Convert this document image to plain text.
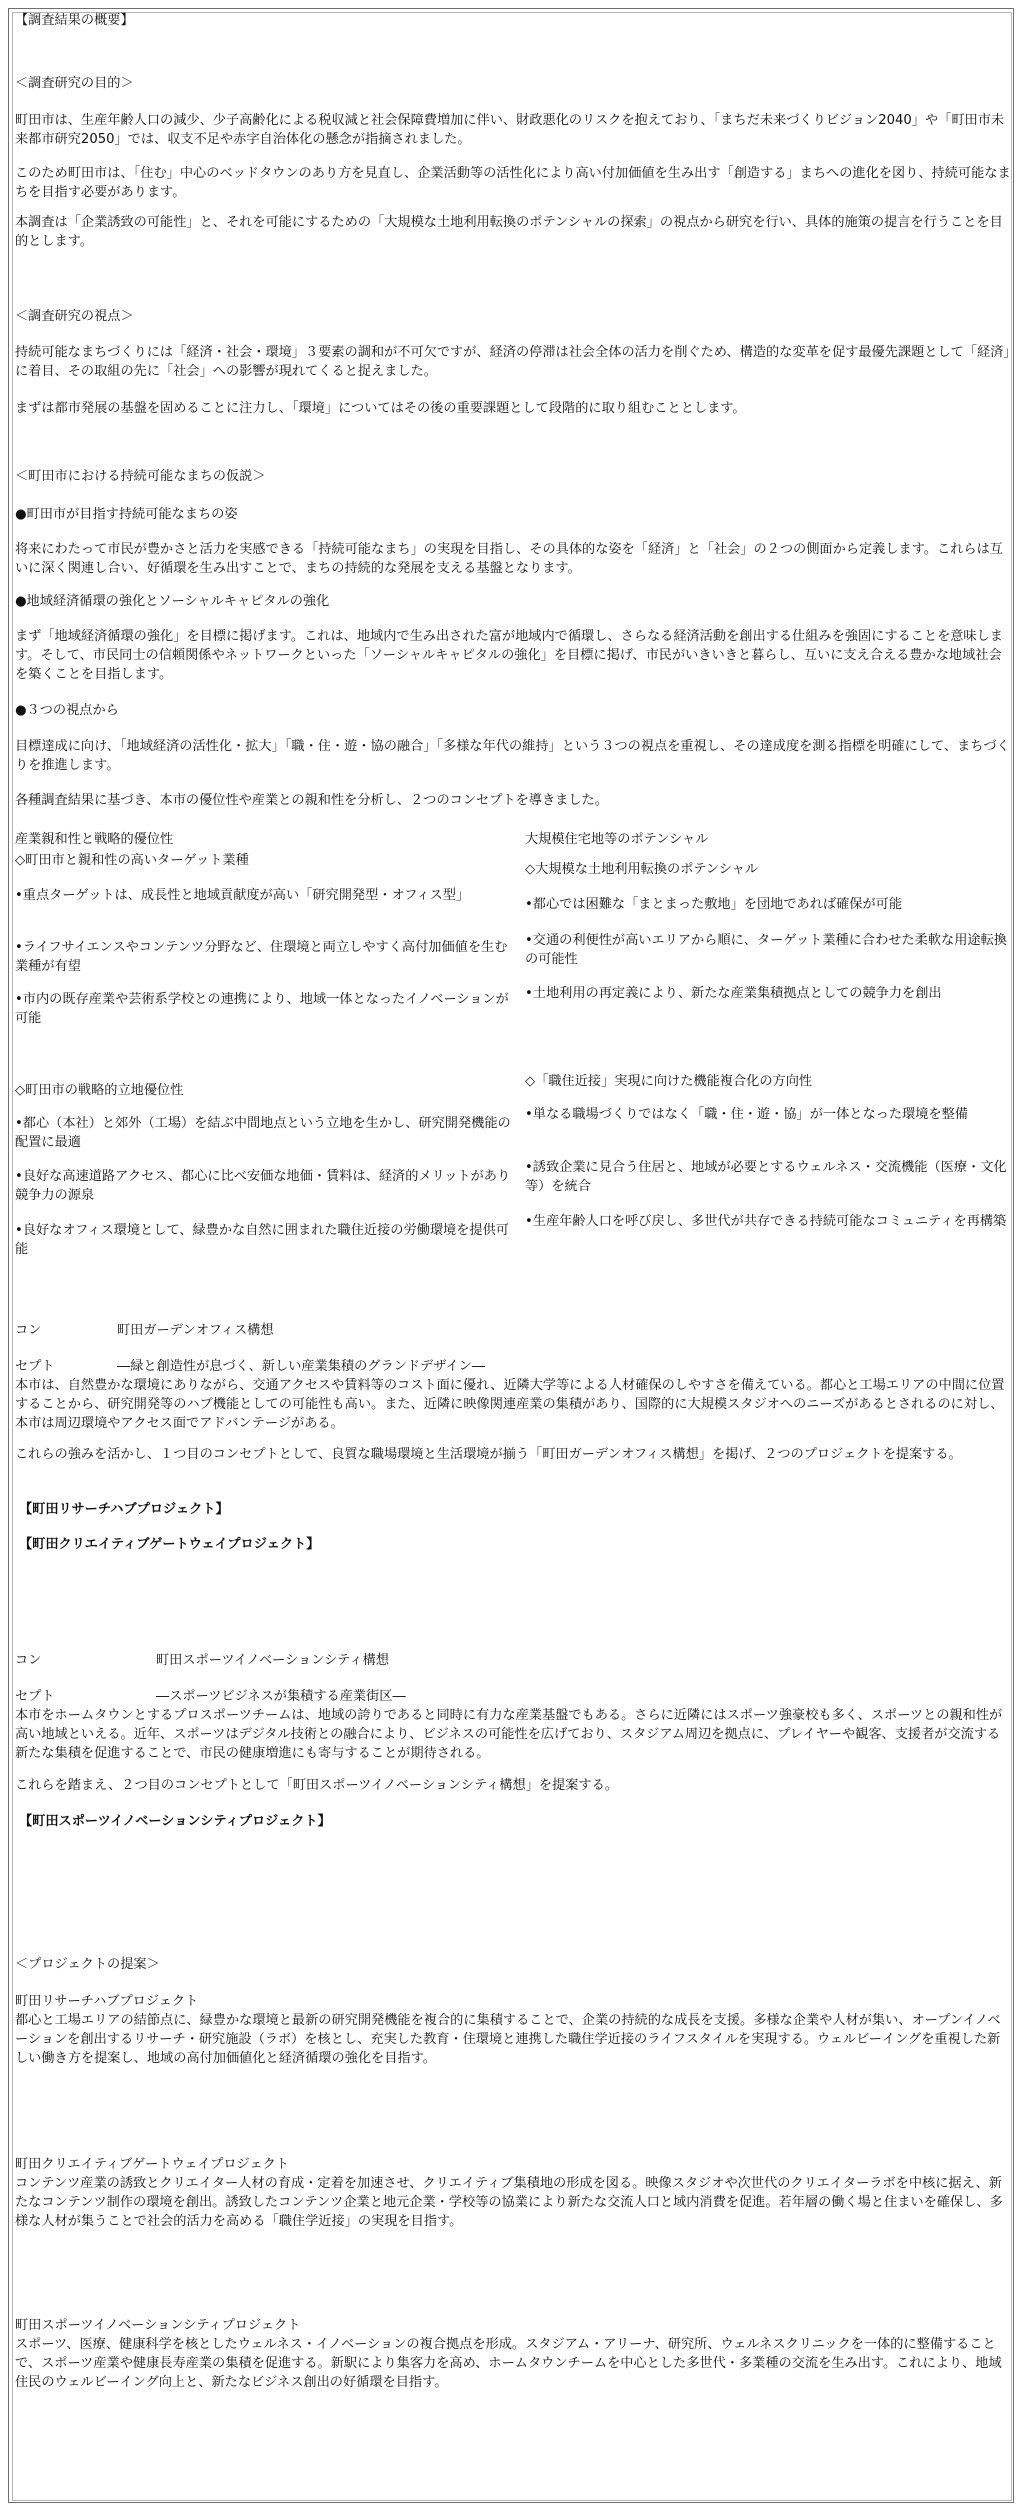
【調査結果の概要】
＜調査研究の目的＞
町田市は、生産年齢人口の減少、少子高齢化による税収減と社会保障費増加に伴い、財政悪化のリスクを抱えており、「まちだ未来づくりビジョン2040」や「町田市未来都市研究2050」では、収支不足や赤字自治体化の懸念が指摘されました。
このため町田市は、「住む」中心のベッドタウンのあり方を見直し、企業活動等の活性化により高い付加価値を生み出す「創造する」まちへの進化を図り、持続可能なまちを目指す必要があります。
本調査は「企業誘致の可能性」と、それを可能にするための「大規模な土地利用転換のポテンシャルの探索」の視点から研究を行い、具体的施策の提言を行うことを目的とします。
＜調査研究の視点＞
持続可能なまちづくりには「経済・社会・環境」３要素の調和が不可欠ですが、経済の停滞は社会全体の活力を削ぐため、構造的な変革を促す最優先課題として「経済」に着目、その取組の先に「社会」への影響が現れてくると捉えました。
まずは都市発展の基盤を固めることに注力し、「環境」についてはその後の重要課題として段階的に取り組むこととします。
＜町田市における持続可能なまちの仮説＞
●町田市が目指す持続可能なまちの姿
将来にわたって市民が豊かさと活力を実感できる「持続可能なまち」の実現を目指し、その具体的な姿を「経済」と「社会」の２つの側面から定義します。これらは互いに深く関連し合い、好循環を生み出すことで、まちの持続的な発展を支える基盤となります。
●地域経済循環の強化とソーシャルキャピタルの強化
まず「地域経済循環の強化」を目標に掲げます。これは、地域内で生み出された富が地域内で循環し、さらなる経済活動を創出する仕組みを強固にすることを意味します。そして、市民同士の信頼関係やネットワークといった「ソーシャルキャピタルの強化」を目標に掲げ、市民がいきいきと暮らし、互いに支え合える豊かな地域社会を築くことを目指します。
●３つの視点から
目標達成に向け、「地域経済の活性化・拡大」「職・住・遊・協の融合」「多様な年代の維持」という３つの視点を重視し、その達成度を測る指標を明確にして、まちづくりを推進します。
各種調査結果に基づき、本市の優位性や産業との親和性を分析し、２つのコンセプトを導きました。
産業親和性と戦略的優位性
◇町田市と親和性の高いターゲット業種
•重点ターゲットは、成長性と地域貢献度が高い「研究開発型・オフィス型」
•ライフサイエンスやコンテンツ分野など、住環境と両立しやすく高付加価値を生む業種が有望
•市内の既存産業や芸術系学校との連携により、地域一体となったイノベーションが可能
◇町田市の戦略的立地優位性
•都心（本社）と郊外（工場）を結ぶ中間地点という立地を生かし、研究開発機能の配置に最適
•良好な高速道路アクセス、都心に比べ安価な地価・賃料は、経済的メリットがあり競争力の源泉
•良好なオフィス環境として、緑豊かな自然に囲まれた職住近接の労働環境を提供可能
大規模住宅地等のポテンシャル
◇大規模な土地利用転換のポテンシャル
•都心では困難な「まとまった敷地」を団地であれば確保が可能
•交通の利便性が高いエリアから順に、ターゲット業種に合わせた柔軟な用途転換の可能性
•土地利用の再定義により、新たな産業集積拠点としての競争力を創出
◇「職住近接」実現に向けた機能複合化の方向性
•単なる職場づくりではなく「職・住・遊・協」が一体となった環境を整備
•誘致企業に見合う住居と、地域が必要とするウェルネス・交流機能（医療・文化等）を統合
•生産年齢人口を呼び戻し、多世代が共存できる持続可能なコミュニティを再構築
コン	町田ガーデンオフィス構想
セプト	―緑と創造性が息づく、新しい産業集積のグランドデザイン―
本市は、自然豊かな環境にありながら、交通アクセスや賃料等のコスト面に優れ、近隣大学等による人材確保のしやすさを備えている。都心と工場エリアの中間に位置することから、研究開発等のハブ機能としての可能性も高い。また、近隣に映像関連産業の集積があり、国際的に大規模スタジオへのニーズがあるとされるのに対し、本市は周辺環境やアクセス面でアドバンテージがある。
これらの強みを活かし、１つ目のコンセプトとして、良質な職場環境と生活環境が揃う「町田ガーデンオフィス構想」を掲げ、２つのプロジェクトを提案する。
【町田リサーチハブプロジェクト】
【町田クリエイティブゲートウェイプロジェクト】
コン	町田スポーツイノベーションシティ構想
セプト	―スポーツビジネスが集積する産業街区―
本市をホームタウンとするプロスポーツチームは、地域の誇りであると同時に有力な産業基盤でもある。さらに近隣にはスポーツ強豪校も多く、スポーツとの親和性が高い地域といえる。近年、スポーツはデジタル技術との融合により、ビジネスの可能性を広げており、スタジアム周辺を拠点に、プレイヤーや観客、支援者が交流する新たな集積を促進することで、市民の健康増進にも寄与することが期待される。
これらを踏まえ、２つ目のコンセプトとして「町田スポーツイノベーションシティ構想」を提案する。
【町田スポーツイノベーションシティプロジェクト】
＜プロジェクトの提案＞
町田リサーチハブプロジェクト
都心と工場エリアの結節点に、緑豊かな環境と最新の研究開発機能を複合的に集積することで、企業の持続的な成長を支援。多様な企業や人材が集い、オープンイノベーションを創出するリサーチ・研究施設（ラボ）を核とし、充実した教育・住環境と連携した職住学近接のライフスタイルを実現する。ウェルビーイングを重視した新しい働き方を提案し、地域の高付加価値化と経済循環の強化を目指す。
町田クリエイティブゲートウェイプロジェクト
コンテンツ産業の誘致とクリエイター人材の育成・定着を加速させ、クリエイティブ集積地の形成を図る。映像スタジオや次世代のクリエイターラボを中核に据え、新たなコンテンツ制作の環境を創出。誘致したコンテンツ企業と地元企業・学校等の協業により新たな交流人口と域内消費を促進。若年層の働く場と住まいを確保し、多様な人材が集うことで社会的活力を高める「職住学近接」の実現を目指す。
町田スポーツイノベーションシティプロジェクト
スポーツ、医療、健康科学を核としたウェルネス・イノベーションの複合拠点を形成。スタジアム・アリーナ、研究所、ウェルネスクリニックを一体的に整備することで、スポーツ産業や健康長寿産業の集積を促進する。新駅により集客力を高め、ホームタウンチームを中心とした多世代・多業種の交流を生み出す。これにより、地域住民のウェルビーイング向上と、新たなビジネス創出の好循環を目指す。
